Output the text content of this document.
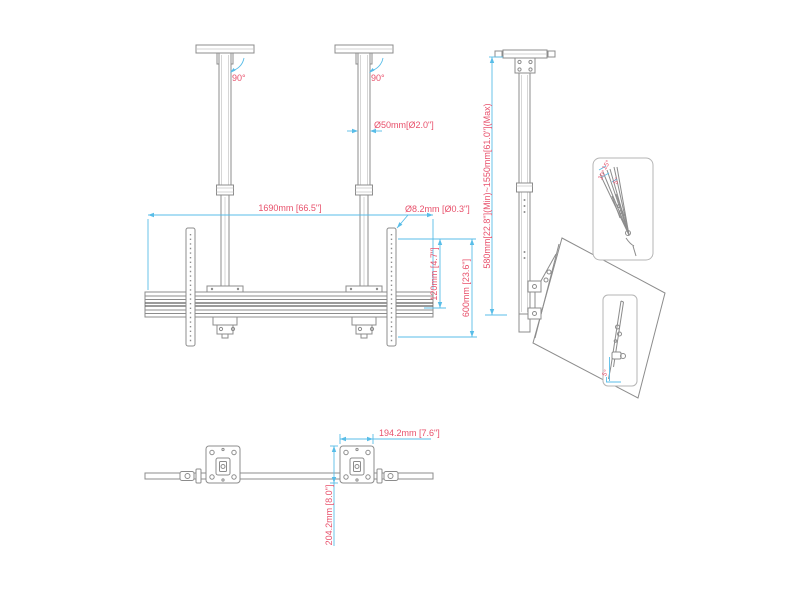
90°	90°
Ø50mm[Ø2.0"]
1690mm [66.5"]	Ø8.2mm [Ø0.3"]
120mm [4.7"] 600mm [23.6"]
580mm[22.8"](Min)~1550mm[61.0"](Max)	15°
10° 5°
5°
194.2mm [7.6"]
204.2mm [8.0"]
